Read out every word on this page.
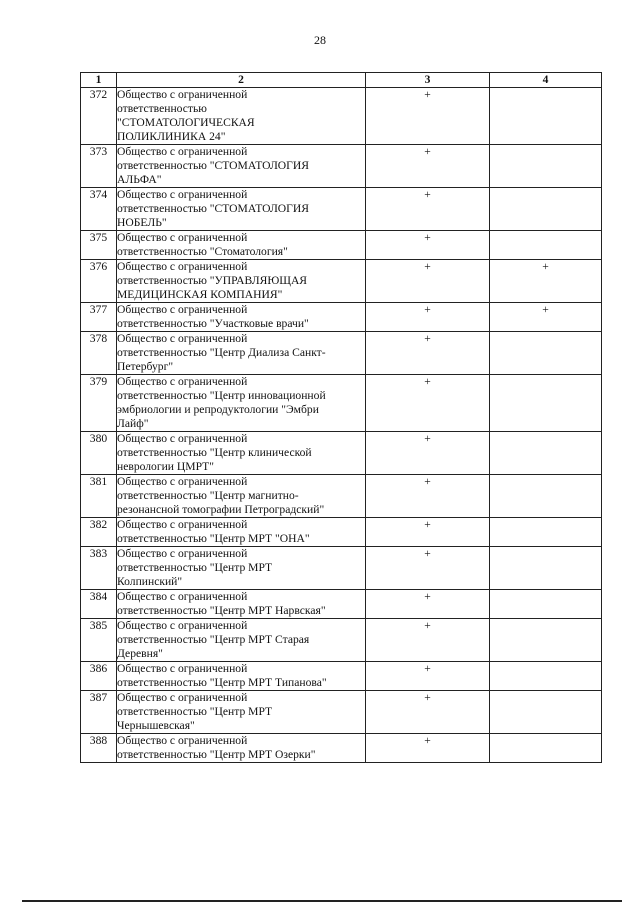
28
1	2	3	4
372	Общество с ограниченной
ответственностью
"СТОМАТОЛОГИЧЕСКАЯ
ПОЛИКЛИНИКА 24"	+	
373	Общество с ограниченной
ответственностью "СТОМАТОЛОГИЯ
АЛЬФА"	+	
374	Общество с ограниченной
ответственностью "СТОМАТОЛОГИЯ
НОБЕЛЬ"	+	
375	Общество с ограниченной
ответственностью "Стоматология"	+	
376	Общество с ограниченной
ответственностью "УПРАВЛЯЮЩАЯ
МЕДИЦИНСКАЯ КОМПАНИЯ"	+	+
377	Общество с ограниченной
ответственностью "Участковые врачи"	+	+
378	Общество с ограниченной
ответственностью "Центр Диализа Санкт-
Петербург"	+	
379	Общество с ограниченной
ответственностью "Центр инновационной
эмбриологии и репродуктологии "Эмбри
Лайф"	+	
380	Общество с ограниченной
ответственностью "Центр клинической
неврологии ЦМРТ"	+	
381	Общество с ограниченной
ответственностью "Центр магнитно-
резонансной томографии Петроградский"	+	
382	Общество с ограниченной
ответственностью "Центр МРТ "ОНА"	+	
383	Общество с ограниченной
ответственностью "Центр МРТ
Колпинский"	+	
384	Общество с ограниченной
ответственностью "Центр МРТ Нарвская"	+	
385	Общество с ограниченной
ответственностью "Центр МРТ Старая
Деревня"	+	
386	Общество с ограниченной
ответственностью "Центр МРТ Типанова"	+	
387	Общество с ограниченной
ответственностью "Центр МРТ
Чернышевская"	+	
388	Общество с ограниченной
ответственностью "Центр МРТ Озерки"	+	
